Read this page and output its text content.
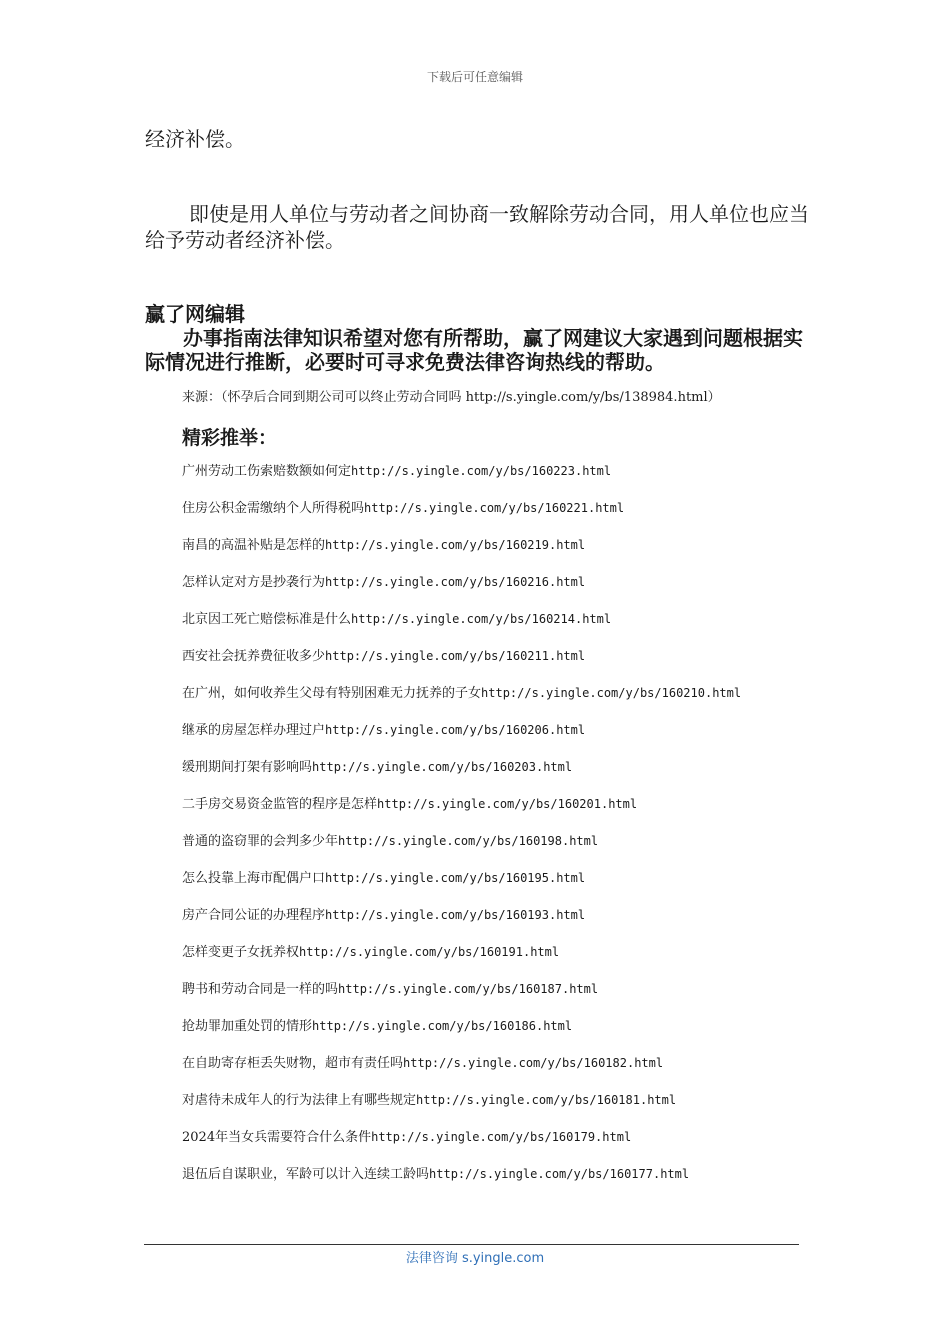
下载后可任意编辑
经济补偿。
即使是用人单位与劳动者之间协商一致解除劳动合同，用人单位也应当给予劳动者经济补偿。
赢了网编辑
办事指南法律知识希望对您有所帮助，赢了网建议大家遇到问题根据实际情况进行推断，必要时可寻求免费法律咨询热线的帮助。
来源：（怀孕后合同到期公司可以终止劳动合同吗 http://s.yingle.com/y/bs/138984.html）
精彩推举：
广州劳动工伤索赔数额如何定http://s.yingle.com/y/bs/160223.html
住房公积金需缴纳个人所得税吗http://s.yingle.com/y/bs/160221.html
南昌的高温补贴是怎样的http://s.yingle.com/y/bs/160219.html
怎样认定对方是抄袭行为http://s.yingle.com/y/bs/160216.html
北京因工死亡赔偿标准是什么http://s.yingle.com/y/bs/160214.html
西安社会抚养费征收多少http://s.yingle.com/y/bs/160211.html
在广州，如何收养生父母有特别困难无力抚养的子女http://s.yingle.com/y/bs/160210.html
继承的房屋怎样办理过户http://s.yingle.com/y/bs/160206.html
缓刑期间打架有影响吗http://s.yingle.com/y/bs/160203.html
二手房交易资金监管的程序是怎样http://s.yingle.com/y/bs/160201.html
普通的盗窃罪的会判多少年http://s.yingle.com/y/bs/160198.html
怎么投靠上海市配偶户口http://s.yingle.com/y/bs/160195.html
房产合同公证的办理程序http://s.yingle.com/y/bs/160193.html
怎样变更子女抚养权http://s.yingle.com/y/bs/160191.html
聘书和劳动合同是一样的吗http://s.yingle.com/y/bs/160187.html
抢劫罪加重处罚的情形http://s.yingle.com/y/bs/160186.html
在自助寄存柜丢失财物，超市有责任吗http://s.yingle.com/y/bs/160182.html
对虐待未成年人的行为法律上有哪些规定http://s.yingle.com/y/bs/160181.html
2024年当女兵需要符合什么条件http://s.yingle.com/y/bs/160179.html
退伍后自谋职业，军龄可以计入连续工龄吗http://s.yingle.com/y/bs/160177.html
法律咨询 s.yingle.com
